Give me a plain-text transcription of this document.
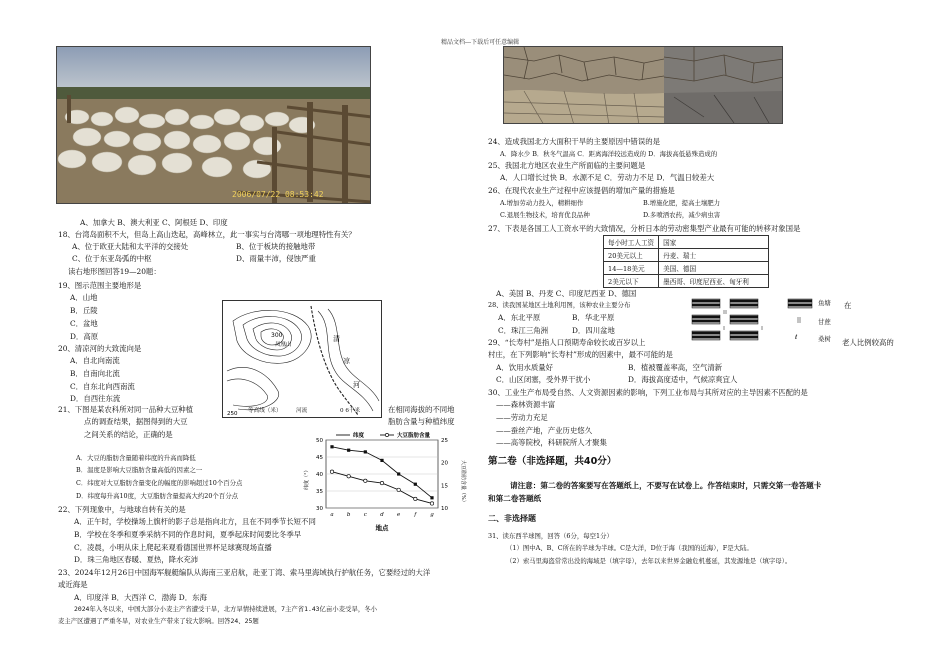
精品文档---下载后可任意编辑
2006/07/22 08:53:42
A、加拿大 B、澳大利亚 C、阿根廷 D、印度
18、台湾岛面积不大，但岛上高山迭起，高峰林立，此一事实与台湾哪一项地理特性有关？
A、位于欧亚大陆和太平洋的交接处	B、位于板块的接触地带
C、位于东亚岛弧的中枢	D、雨量丰沛，侵蚀严重
读右地形图回答19—20题：
19、图示范围主要地形是
A．山地
B．丘陵
C．盆地
D．高原
20、清凉河的大致流向是
A．自北向南流
B．自南向北流
C．自东北向西南流
D．自西往东流
300
凤凰山
清
凉
河
250 等高线（米）	河流	0 6千米
21、下图是某农科所对同一品种大豆种植	在相同海拔的不同地
点的调查结果，据图得到的大豆	脂肪含量与种植纬度
之间关系的结论，正确的是
30
35
40
45
50
10
15
20
25
a b c d e	f	g
纬度	大豆脂肪含量
地点
纬度（°）	大豆脂肪含量（%）
A．大豆的脂肪含量随着纬度的升高而降低
B．温度是影响大豆脂肪含量高低的因素之一
C．纬度对大豆脂肪含量变化的幅度的影响超过10个百分点
D．纬度每升高10度，大豆脂肪含量提高大约20个百分点
22、下列现象中，与地球自转有关的是
A．正午时，学校操场上旗杆的影子总是指向北方，且在不同季节长短不同
B．学校在冬季和夏季采纳不同的作息时间，夏季起床时间要比冬季早
C．凌晨，小明从床上爬起来观看德国世界杯足球赛现场直播
D．珠三角地区春暖、夏热，降水充沛
23、2024年12月26日中国海军舰艇编队从海南三亚启航，赴亚丁湾、索马里海域执行护航任务，它要经过的大洋
或近海是
A．印度洋 B．大西洋 C．渤海 D．东海
2024年入冬以来，中国大部分小麦主产省遭受干旱，北方旱情持续进展，7主产省1.43亿亩小麦受旱，冬小
麦主产区遭遇了严重冬旱，对农业生产带来了较大影响。回答24、25题
24、造成我国北方大面积干旱的主要原因中错误的是
A．降水少 B．秋冬气温高 C．距离海洋较远造成的 D．海拔高低悬殊造成的
25、我国北方地区农业生产所面临的主要问题是
A．人口增长过快 B．水源不足 C．劳动力不足 D．气温日较差大
26、在现代农业生产过程中应该提倡的增加产量的措施是
A.增加劳动力投入，精耕细作	B.增施化肥，提高土壤肥力
C.退展生物技术，培育优良品种	D.多喷洒农药，减少病虫害
27、下表是各国工人工资水平的大致情况，分析日本的劳动密集型产业最有可能的转移对象国是
每小时工人工资	国家
20美元以上	丹麦、瑞士
14—18美元	美国、德国
2美元以下	墨西哥、印度尼西亚、匈牙利
A、美国 B、丹麦 C、印度尼西亚 D、德国
28、读我国某地区土地利用图，该种农业主要分布	在
A．东北平原	B．华北平原
C．珠江三角洲	D．四川盆地
ℓ
鱼塘
甘蔗
桑树
29、“长寿村”是指人口预期寿命较长或百岁以上	老人比例较高的
村庄，在下列影响“长寿村”形成的因素中，最不可能的是
A．饮用水质量好	B．植被覆盖率高，空气清新
C．山区闭塞，受外界干扰小	D．海拔高度适中，气候凉爽宜人
30、工业生产布局受自然、人文资源因素的影响，下列工业布局与其所对应的主导因素不匹配的是
——森林资源丰富
——劳动力充足
——蚕丝产地，产业历史悠久
——高等院校，科研院所人才聚集
第二卷（非选择题，共40分）
请注意：第二卷的答案要写在答题纸上，不要写在试卷上。作答结束时，只需交第一卷答题卡
和第二卷答题纸
二、非选择题
31、读东西半球图，回答（6分，每空1分）
（1）图中A、B、C所在的半球为半球。C是大洋，D位于海（我国的近海），F是大陆。
（2）索马里海盗常常出没的海域是（填字母），去年以来世界金融危机蔓延，其发源地是（填字母）。
